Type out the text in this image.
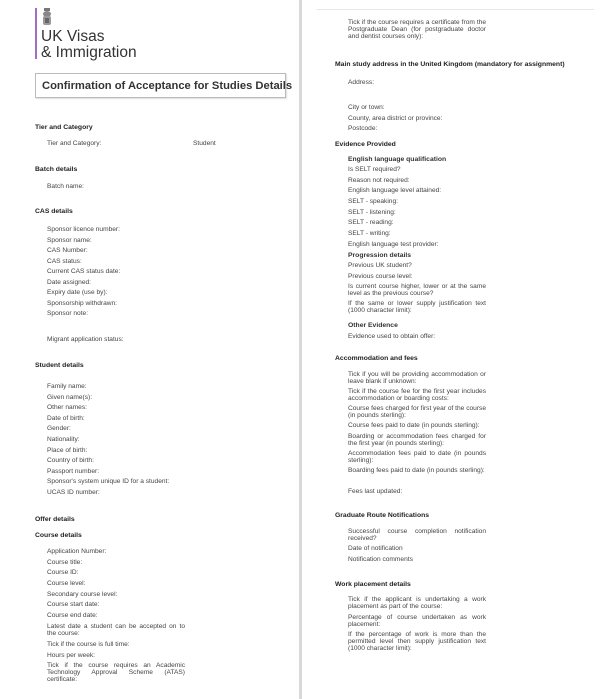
UK Visas
& Immigration
Confirmation of Acceptance for Studies Details
Tier and Category
Tier and Category:	Student
Batch details
Batch name:
CAS details
Sponsor licence number:
Sponsor name:
CAS Number:
CAS status:
Current CAS status date:
Date assigned:
Expiry date (use by):
Sponsorship withdrawn:
Sponsor note:
Migrant application status:
Student details
Family name:
Given name(s):
Other names:
Date of birth:
Gender:
Nationality:
Place of birth:
Country of birth:
Passport number:
Sponsor's system unique ID for a student:
UCAS ID number:
Offer details
Course details
Application Number:
Course title:
Course ID:
Course level:
Secondary course level:
Course start date:
Course end date:
Latest date a student can be accepted on to the course:
Tick if the course is full time:
Hours per week:
Tick if the course requires an Academic Technology Approval Scheme (ATAS) certificate:
Tick if the course requires a certificate from the Postgraduate Dean (for postgraduate doctor and dentist courses only):
Main study address in the United Kingdom (mandatory for assignment)
Address:
City or town:
County, area district or province:
Postcode:
Evidence Provided
English language qualification
Is SELT required?
Reason not required:
English language level attained:
SELT - speaking:
SELT - listening:
SELT - reading:
SELT - writing:
English language test provider:
Progression details
Previous UK student?
Previous course level:
Is current course higher, lower or at the same level as the previous course?
If the same or lower supply justification text (1000 character limit):
Other Evidence
Evidence used to obtain offer:
Accommodation and fees
Tick if you will be providing accommodation or leave blank if unknown:
Tick if the course fee for the first year includes accommodation or boarding costs:
Course fees charged for first year of the course (in pounds sterling):
Course fees paid to date (in pounds sterling):
Boarding or accommodation fees charged for the first year (in pounds sterling):
Accommodation fees paid to date (in pounds sterling):
Boarding fees paid to date (in pounds sterling):
Fees last updated:
Graduate Route Notifications
Successful course completion notification received?
Date of notification
Notification comments
Work placement details
Tick if the applicant is undertaking a work placement as part of the course:
Percentage of course undertaken as work placement:
If the percentage of work is more than the permitted level then supply justification text (1000 character limit):
